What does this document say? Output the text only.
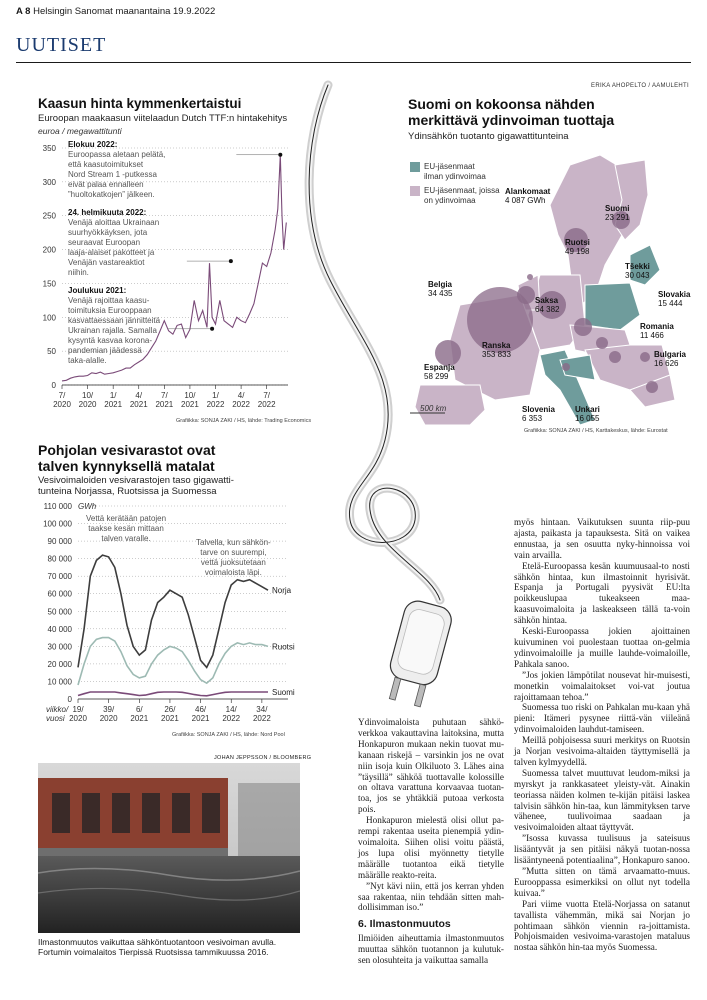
A 8 Helsingin Sanomat maanantaina 19.9.2022
UUTISET
ERIKA AHOPELTO / AAMULEHTI
Kaasun hinta kymmenkertaistui
Euroopan maakaasun viitelaadun Dutch TTF:n hintakehitys
euroa / megawattitunti
0
50
100
150
200
250
300
350
7/
2020
10/
2020
1/
2021
4/
2021
7/
2021
10/
2021
1/
2022
4/
2022
7/
2022
Elokuu 2022:
Euroopassa aletaan pelätä,
että kaasutoimitukset
Nord Stream 1 -putkessa
eivät palaa ennalleen
”huoltokatkojen” jälkeen.
24. helmikuuta 2022:
Venäjä aloittaa Ukrainaan
suurhyökkäyksen, jota
seuraavat Euroopan
laaja-alaiset pakotteet ja
Venäjän vastareaktiot
niihin.
Joulukuu 2021:
Venäjä rajoittaa kaasu-
toimituksia Eurooppaan
kasvattaessaan jännitteitä
Ukrainan rajalla. Samalla
kysyntä kasvaa korona-
pandemian jäädessä
taka-alalle.
Grafiikka: SONJA ZAKI / HS, lähde: Trading Economics
Suomi on kokoonsa nähden
merkittävä ydinvoiman tuottaja
Ydinsähkön tuotanto gigawattitunteina
EU-jäsenmaat
ilman ydinvoimaa
EU-jäsenmaat, joissa
on ydinvoimaa
Alankomaat
4 087 GWh
Suomi
23 291
Ruotsi
49 198
Tšekki
30 043
Belgia
34 435
Saksa
64 382
Slovakia
15 444
Romania
11 466
Ranska
353 833	Bulgaria
16 626
Espanja
58 299
Slovenia
6 353
Unkari
16 055
500 km
Grafiikka: SONJA ZAKI / HS, Karttakeskus, lähde: Eurostat
Pohjolan vesivarastot ovat
talven kynnyksellä matalat
Vesivoimaloiden vesivarastojen taso gigawatti-
tunteina Norjassa, Ruotsissa ja Suomessa
0
10 000
20 000
30 000
40 000
50 000
60 000
70 000
80 000
90 000
100 000
110 000 GWh
19/
2020
39/
2020
6/
2021
26/
2021
46/
2021
14/
2022
34/
2022
viikko/
vuosi
Norja
Ruotsi
Suomi
Vettä kerätään patojen
taakse kesän mittaan
talven varalle.	Talvella, kun sähkön-
tarve on suurempi,
vettä juoksutetaan
voimaloista läpi.
Grafiikka: SONJA ZAKI / HS, lähde: Nord Pool
JOHAN JEPPSSON / BLOOMBERG
Ilmastonmuutos vaikuttaa sähköntuotantoon vesivoiman avulla.
Fortumin voimalaitos Tierpissä Ruotsissa tammikuussa 2016.

Ydinvoimaloista puhutaan sähkö-verkkoa vakauttavina laitoksina, mutta Honkapuron mukaan nekin tuovat mu-kanaan riskejä – varsinkin jos ne ovat niin isoja kuin Olkiluoto 3. Lähes aina ”täysillä” sähköä tuottavalle kolossille on oltava varattuna korvaavaa tuotan-toa, jos se yhtäkkiä putoaa verkosta pois.

Honkapuron mielestä olisi ollut pa-rempi rakentaa useita pienempiä ydin-voimaloita. Siihen olisi voitu päästä, jos lupa olisi myönnetty tietylle määrälle tuotantoa eikä tietylle määrälle reakto-reita.

”Nyt kävi niin, että jos kerran yhden saa rakentaa, niin tehdään sitten mah-dollisimman iso.”

6. Ilmastonmuutos

Ilmiöiden aiheuttamia ilmastonmuutos muuttaa sähkön tuotannon ja kulutuk-sen olosuhteita ja vaikuttaa samalla

myös hintaan. Vaikutuksen suunta riip-puu ajasta, paikasta ja tapauksesta. Sitä on vaikea ennustaa, ja sen osuutta nyky-hinnoissa voi vain arvailla.

Etelä-Euroopassa kesän kuumuusaal-to nosti sähkön hintaa, kun ilmastoinnit hyrisivät. Espanja ja Portugali pyysivät EU:lta poikkeuslupaa tukeakseen maa-kaasuvoimaloita ja laskeakseen tällä ta-voin sähkön hintaa.

Keski-Euroopassa jokien ajoittainen kuivuminen voi puolestaan tuottaa on-gelmia ydinvoimaloille ja muille lauhde-voimaloille, Pahkala sanoo.

”Jos jokien lämpötilat nousevat hir-muisesti, monetkin voimalaitokset voi-vat joutua rajoittamaan tehoa.”

Suomessa tuo riski on Pahkalan mu-kaan yhä pieni: Itämeri pysynee riittä-vän viileänä ydinvoimaloiden lauhdut-tamiseen.

Meillä pohjoisessa suuri merkitys on Ruotsin ja Norjan vesivoima-altaiden täyttymisellä ja talven kylmyydellä.

Suomessa talvet muuttuvat leudom-miksi ja myrskyt ja rankkasateet yleisty-vät. Ainakin teoriassa näiden kolmen te-kijän pitäisi laskea talvisin sähkön hin-taa, kun lämmityksen tarve vähenee, tuulivoimaa saadaan ja vesivoimaloiden altaat täyttyvät.

”Isossa kuvassa tuulisuus ja sateisuus lisääntyvät ja sen pitäisi näkyä tuotan-nossa lisääntyneenä potentiaalina”, Honkapuro sanoo.

”Mutta sitten on tämä arvaamatto-muus. Eurooppassa esimerkiksi on ollut nyt todella kuivaa.”

Pari viime vuotta Etelä-Norjassa on satanut tavallista vähemmän, mikä sai Norjan jo pohtimaan sähkön viennin ra-joittamista. Pohjoismaiden vesivoima-varastojen mataluus nostaa sähkön hin-taa myös Suomessa.
